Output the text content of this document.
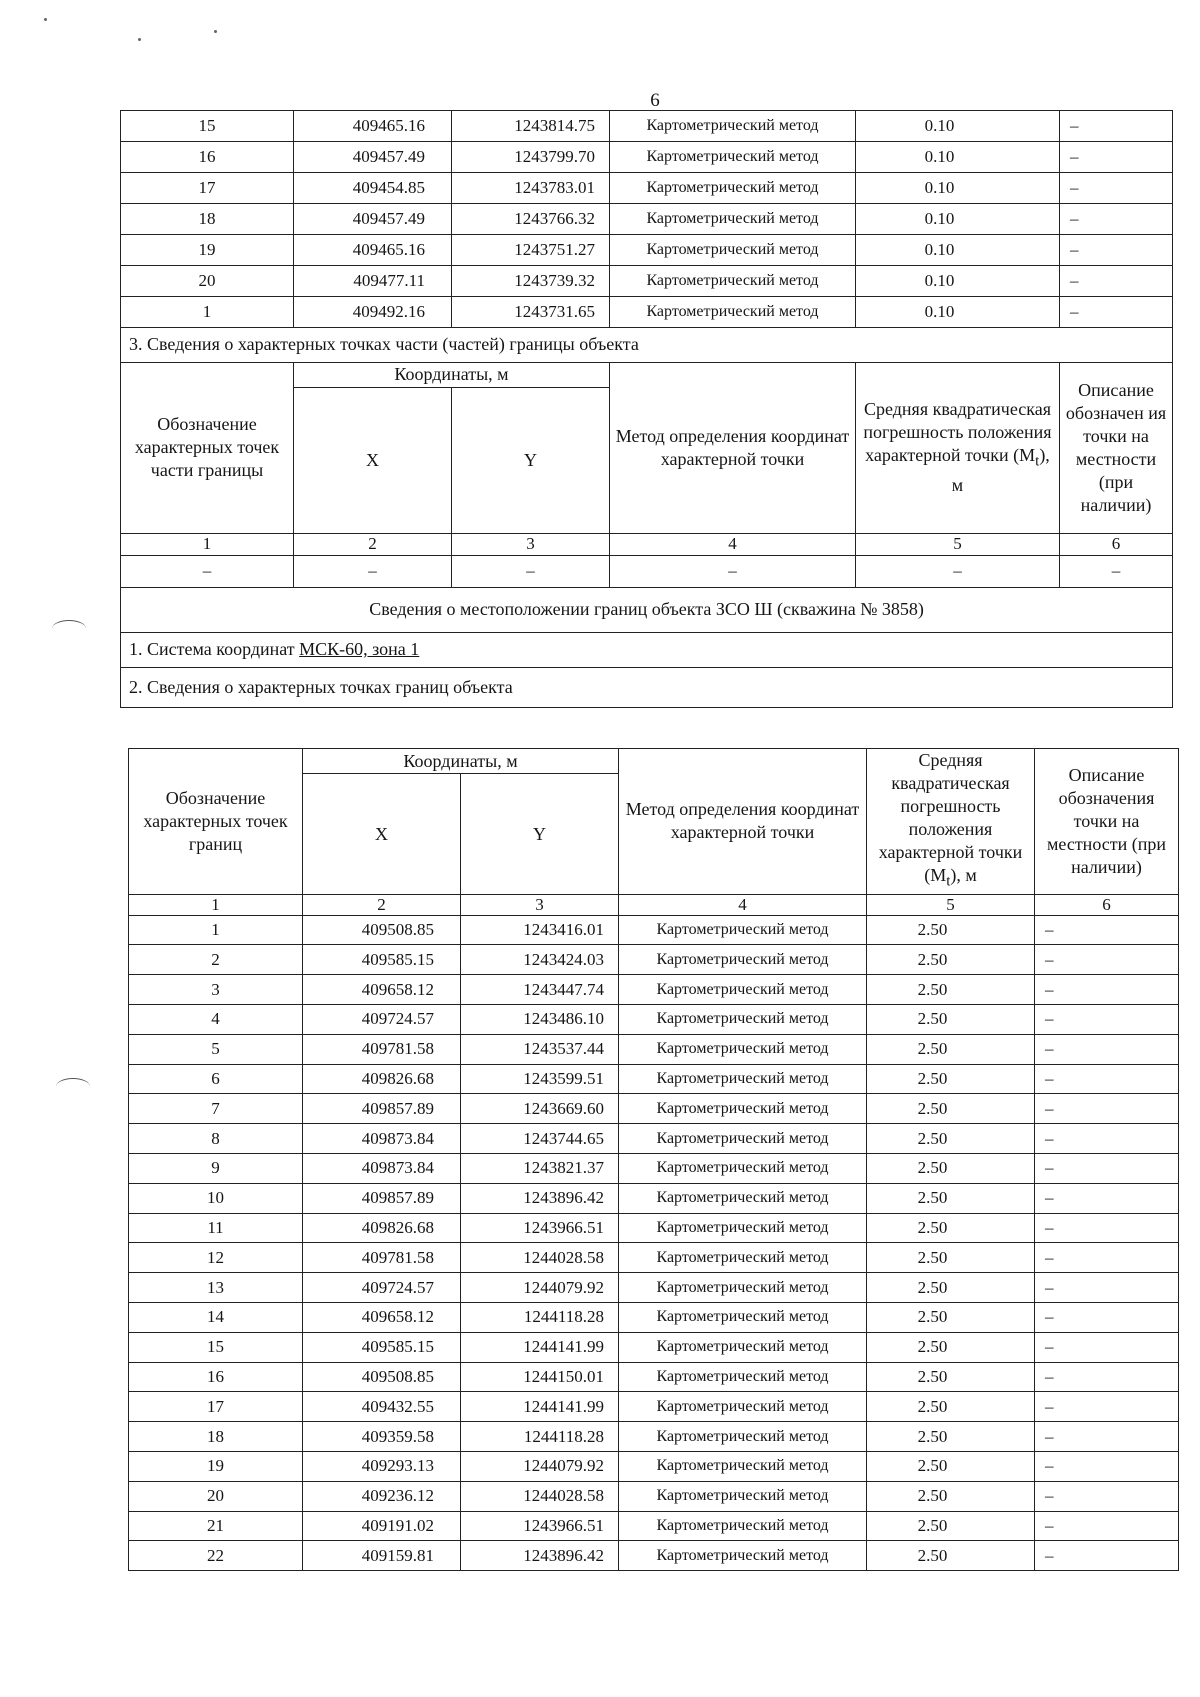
6
15	409465.16	1243814.75	Картометрический метод	0.10	–
16	409457.49	1243799.70	Картометрический метод	0.10	–
17	409454.85	1243783.01	Картометрический метод	0.10	–
18	409457.49	1243766.32	Картометрический метод	0.10	–
19	409465.16	1243751.27	Картометрический метод	0.10	–
20	409477.11	1243739.32	Картометрический метод	0.10	–
1	409492.16	1243731.65	Картометрический метод	0.10	–
3. Сведения о характерных точках части (частей) границы объекта					
Обозначение характерных точек части границы	Координаты, м		Метод определения координат характерной точки	Средняя квадратическая погрешность положения характерной точки $(M_t)$, м	Описание обозначен ия точки на местности (при наличии)
	X	Y			
1	2	3	4	5	6
–	–	–	–	–	–
Сведения о местоположении границ объекта ЗСО Ш (скважина № 3858)					
1. Система координат МСК-60, зона 1					
2. Сведения о характерных точках границ объекта					
Обозначение характерных точек границ	Координаты, м		Метод определения координат характерной точки	Средняя квадратическая погрешность положения характерной точки $(M_t)$, м	Описание обозначения точки на местности (при наличии)
	X	Y			
1	2	3	4	5	6
1	409508.85	1243416.01	Картометрический метод	2.50	–
2	409585.15	1243424.03	Картометрический метод	2.50	–
3	409658.12	1243447.74	Картометрический метод	2.50	–
4	409724.57	1243486.10	Картометрический метод	2.50	–
5	409781.58	1243537.44	Картометрический метод	2.50	–
6	409826.68	1243599.51	Картометрический метод	2.50	–
7	409857.89	1243669.60	Картометрический метод	2.50	–
8	409873.84	1243744.65	Картометрический метод	2.50	–
9	409873.84	1243821.37	Картометрический метод	2.50	–
10	409857.89	1243896.42	Картометрический метод	2.50	–
11	409826.68	1243966.51	Картометрический метод	2.50	–
12	409781.58	1244028.58	Картометрический метод	2.50	–
13	409724.57	1244079.92	Картометрический метод	2.50	–
14	409658.12	1244118.28	Картометрический метод	2.50	–
15	409585.15	1244141.99	Картометрический метод	2.50	–
16	409508.85	1244150.01	Картометрический метод	2.50	–
17	409432.55	1244141.99	Картометрический метод	2.50	–
18	409359.58	1244118.28	Картометрический метод	2.50	–
19	409293.13	1244079.92	Картометрический метод	2.50	–
20	409236.12	1244028.58	Картометрический метод	2.50	–
21	409191.02	1243966.51	Картометрический метод	2.50	–
22	409159.81	1243896.42	Картометрический метод	2.50	–
